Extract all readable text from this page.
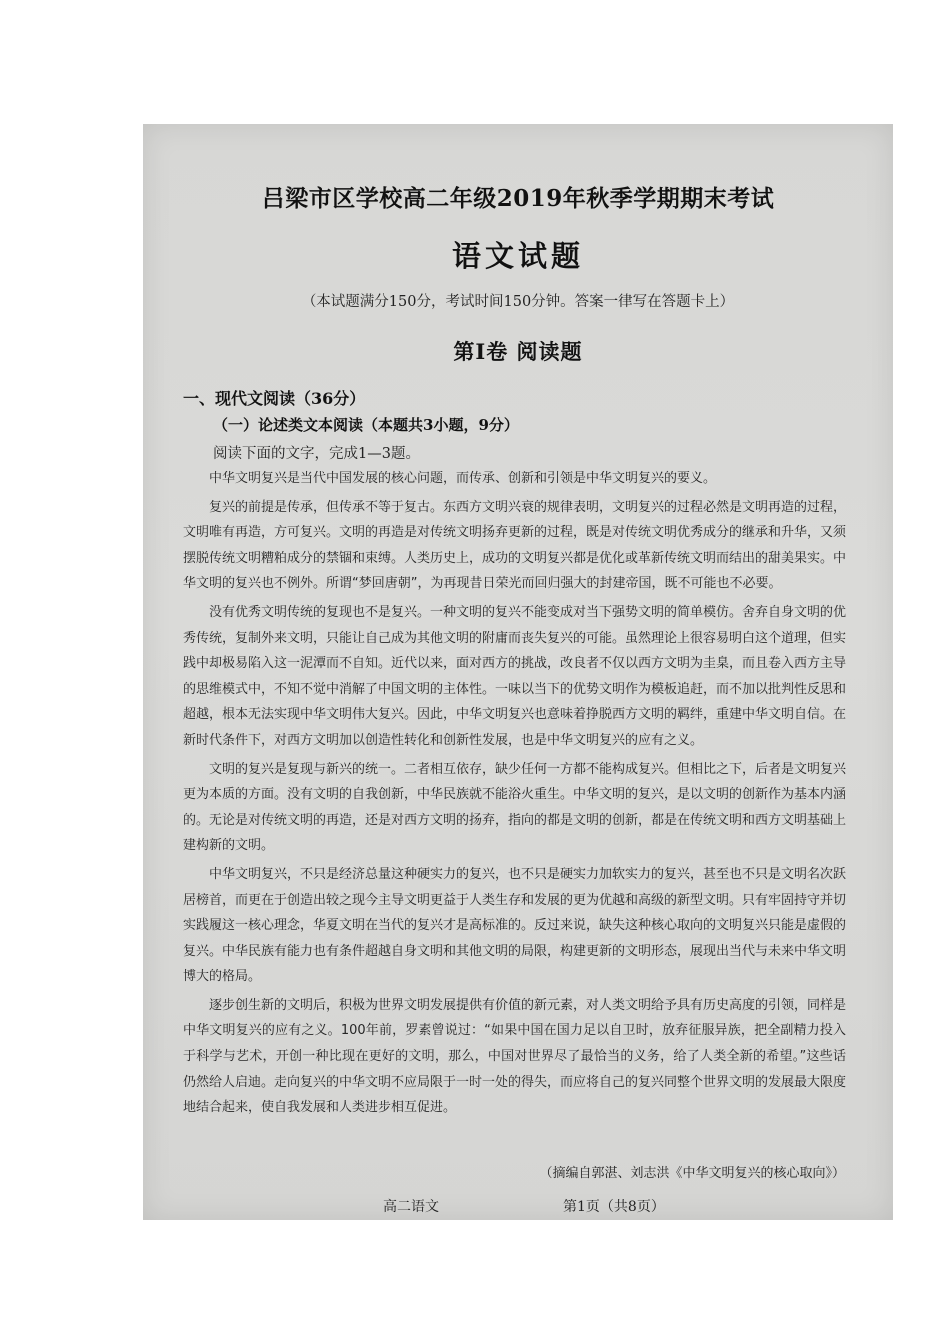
吕梁市区学校高二年级2019年秋季学期期末考试
语文试题
（本试题满分150分，考试时间150分钟。答案一律写在答题卡上）
第Ⅰ卷 阅读题
一、现代文阅读（36分）
（一）论述类文本阅读（本题共3小题，9分）
阅读下面的文字，完成1—3题。

中华文明复兴是当代中国发展的核心问题，而传承、创新和引领是中华文明复兴的要义。

复兴的前提是传承，但传承不等于复古。东西方文明兴衰的规律表明，文明复兴的过程必然是文明再造的过程，文明唯有再造，方可复兴。文明的再造是对传统文明扬弃更新的过程，既是对传统文明优秀成分的继承和升华，又须摆脱传统文明糟粕成分的禁锢和束缚。人类历史上，成功的文明复兴都是优化或革新传统文明而结出的甜美果实。中华文明的复兴也不例外。所谓“梦回唐朝”，为再现昔日荣光而回归强大的封建帝国，既不可能也不必要。

没有优秀文明传统的复现也不是复兴。一种文明的复兴不能变成对当下强势文明的简单模仿。舍弃自身文明的优秀传统，复制外来文明，只能让自己成为其他文明的附庸而丧失复兴的可能。虽然理论上很容易明白这个道理，但实践中却极易陷入这一泥潭而不自知。近代以来，面对西方的挑战，改良者不仅以西方文明为圭臬，而且卷入西方主导的思维模式中，不知不觉中消解了中国文明的主体性。一味以当下的优势文明作为模板追赶，而不加以批判性反思和超越，根本无法实现中华文明伟大复兴。因此，中华文明复兴也意味着挣脱西方文明的羁绊，重建中华文明自信。在新时代条件下，对西方文明加以创造性转化和创新性发展，也是中华文明复兴的应有之义。

文明的复兴是复现与新兴的统一。二者相互依存，缺少任何一方都不能构成复兴。但相比之下，后者是文明复兴更为本质的方面。没有文明的自我创新，中华民族就不能浴火重生。中华文明的复兴，是以文明的创新作为基本内涵的。无论是对传统文明的再造，还是对西方文明的扬弃，指向的都是文明的创新，都是在传统文明和西方文明基础上建构新的文明。

中华文明复兴，不只是经济总量这种硬实力的复兴，也不只是硬实力加软实力的复兴，甚至也不只是文明名次跃居榜首，而更在于创造出较之现今主导文明更益于人类生存和发展的更为优越和高级的新型文明。只有牢固持守并切实践履这一核心理念，华夏文明在当代的复兴才是高标准的。反过来说，缺失这种核心取向的文明复兴只能是虚假的复兴。中华民族有能力也有条件超越自身文明和其他文明的局限，构建更新的文明形态，展现出当代与未来中华文明博大的格局。

逐步创生新的文明后，积极为世界文明发展提供有价值的新元素，对人类文明给予具有历史高度的引领，同样是中华文明复兴的应有之义。100年前，罗素曾说过：“如果中国在国力足以自卫时，放弃征服异族，把全副精力投入于科学与艺术，开创一种比现在更好的文明，那么，中国对世界尽了最恰当的义务，给了人类全新的希望。”这些话仍然给人启迪。走向复兴的中华文明不应局限于一时一处的得失，而应将自己的复兴同整个世界文明的发展最大限度地结合起来，使自我发展和人类进步相互促进。

（摘编自郭湛、刘志洪《中华文明复兴的核心取向》）
高二语文	第1页（共8页）
